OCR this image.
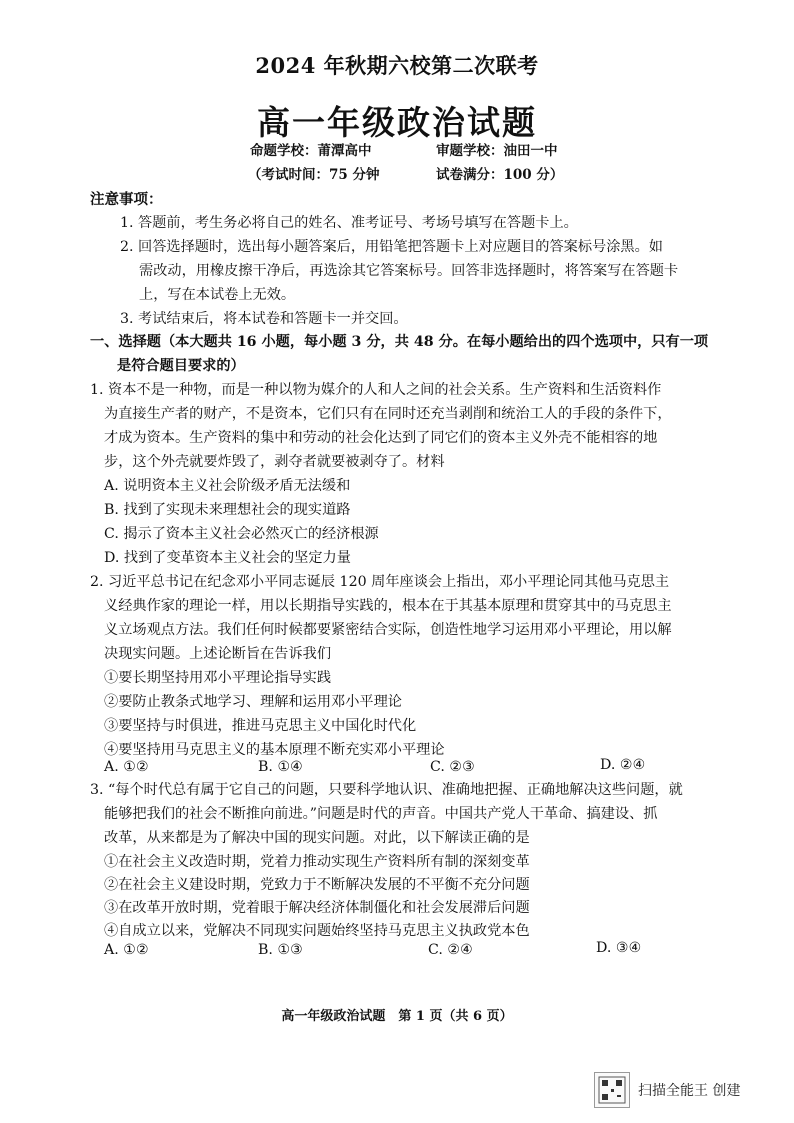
2024 年秋期六校第二次联考
高一年级政治试题
命题学校：莆潭高中	审题学校：油田一中
（考试时间：75 分钟	试卷满分：100 分）
注意事项：
1. 答题前，考生务必将自己的姓名、准考证号、考场号填写在答题卡上。
2. 回答选择题时，选出每小题答案后，用铅笔把答题卡上对应题目的答案标号涂黑。如
需改动，用橡皮擦干净后，再选涂其它答案标号。回答非选择题时，将答案写在答题卡
上，写在本试卷上无效。
3. 考试结束后，将本试卷和答题卡一并交回。
一、选择题（本大题共 16 小题，每小题 3 分，共 48 分。在每小题给出的四个选项中，只有一项
是符合题目要求的）
1. 资本不是一种物，而是一种以物为媒介的人和人之间的社会关系。生产资料和生活资料作
为直接生产者的财产，不是资本，它们只有在同时还充当剥削和统治工人的手段的条件下，
才成为资本。生产资料的集中和劳动的社会化达到了同它们的资本主义外壳不能相容的地
步，这个外壳就要炸毁了，剥夺者就要被剥夺了。材料
A. 说明资本主义社会阶级矛盾无法缓和
B. 找到了实现未来理想社会的现实道路
C. 揭示了资本主义社会必然灭亡的经济根源
D. 找到了变革资本主义社会的坚定力量
2. 习近平总书记在纪念邓小平同志诞辰 120 周年座谈会上指出，邓小平理论同其他马克思主
义经典作家的理论一样，用以长期指导实践的，根本在于其基本原理和贯穿其中的马克思主
义立场观点方法。我们任何时候都要紧密结合实际，创造性地学习运用邓小平理论，用以解
决现实问题。上述论断旨在告诉我们
①要长期坚持用邓小平理论指导实践
②要防止教条式地学习、理解和运用邓小平理论
③要坚持与时俱进，推进马克思主义中国化时代化
④要坚持用马克思主义的基本原理不断充实邓小平理论
A. ①②	B. ①④	C. ②③	D. ②④
3. “每个时代总有属于它自己的问题，只要科学地认识、准确地把握、正确地解决这些问题，就
能够把我们的社会不断推向前进。”问题是时代的声音。中国共产党人干革命、搞建设、抓
改革，从来都是为了解决中国的现实问题。对此，以下解读正确的是
①在社会主义改造时期，党着力推动实现生产资料所有制的深刻变革
②在社会主义建设时期，党致力于不断解决发展的不平衡不充分问题
③在改革开放时期，党着眼于解决经济体制僵化和社会发展滞后问题
④自成立以来，党解决不同现实问题始终坚持马克思主义执政党本色
A. ①②	B. ①③	C. ②④	D. ③④
高一年级政治试题　第 1 页（共 6 页）
扫描全能王 创建
